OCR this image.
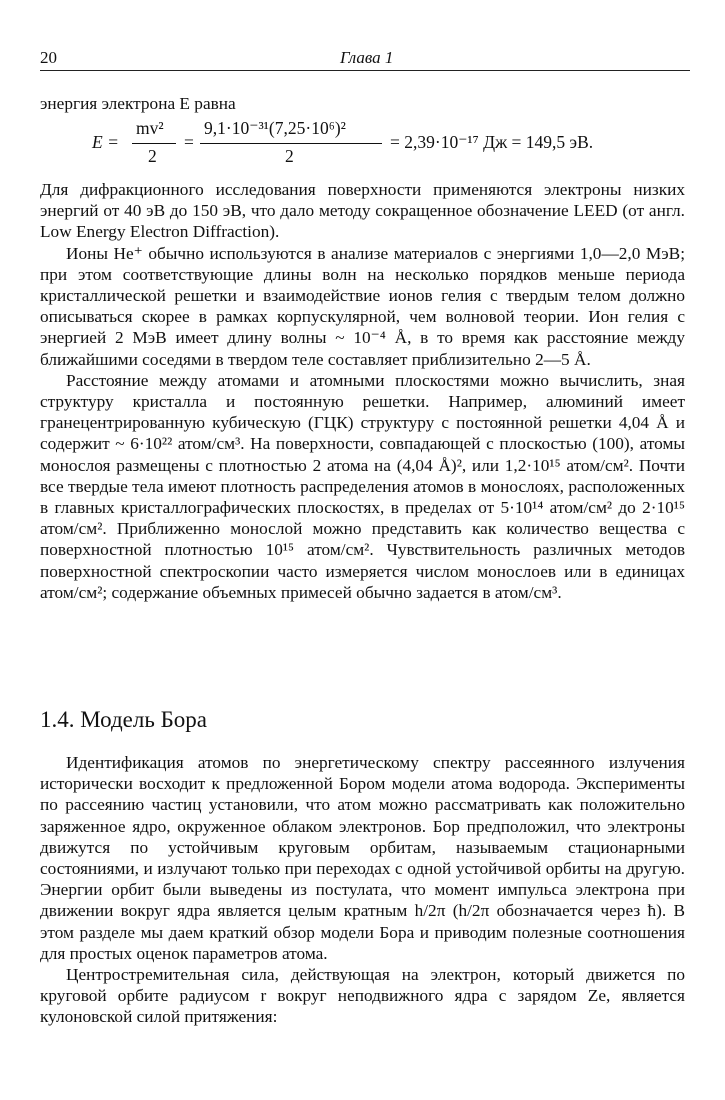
20	Глава 1

энергия электрона E равна

E =
mv²
2
=
9,1·10⁻³¹(7,25·10⁶)²
2
= 2,39·10⁻¹⁷ Дж = 149,5 эВ.

Для дифракционного исследования поверхности применяются электроны низких энергий от 40 эВ до 150 эВ, что дало методу сокращенное обозначение LEED (от англ. Low Energy Electron Diffraction).

Ионы He⁺ обычно используются в анализе материалов с энергиями 1,0—2,0 МэВ; при этом соответствующие длины волн на несколько порядков меньше периода кристаллической решетки и взаимодействие ионов гелия с твердым телом должно описываться скорее в рамках корпускулярной, чем волновой теории. Ион гелия с энергией 2 МэВ имеет длину волны ~ 10⁻⁴ Å, в то время как расстояние между ближайшими соседями в твердом теле составляет приблизительно 2—5 Å.

Расстояние между атомами и атомными плоскостями можно вычислить, зная структуру кристалла и постоянную решетки. Например, алюминий имеет гранецентрированную кубическую (ГЦК) структуру с постоянной решетки 4,04 Å и содержит ~ 6·10²² атом/см³. На поверхности, совпадающей с плоскостью (100), атомы монослоя размещены с плотностью 2 атома на (4,04 Å)², или 1,2·10¹⁵ атом/см². Почти все твердые тела имеют плотность распределения атомов в монослоях, расположенных в главных кристаллографических плоскостях, в пределах от 5·10¹⁴ атом/см² до 2·10¹⁵ атом/см². Приближенно монослой можно представить как количество вещества с поверхностной плотностью 10¹⁵ атом/см². Чувствительность различных методов поверхностной спектроскопии часто измеряется числом монослоев или в единицах атом/см²; содержание объемных примесей обычно задается в атом/см³.

1.4. Модель Бора

Идентификация атомов по энергетическому спектру рассеянного излучения исторически восходит к предложенной Бором модели атома водорода. Эксперименты по рассеянию частиц установили, что атом можно рассматривать как положительно заряженное ядро, окруженное облаком электронов. Бор предположил, что электроны движутся по устойчивым круговым орбитам, называемым стационарными состояниями, и излучают только при переходах с одной устойчивой орбиты на другую. Энергии орбит были выведены из постулата, что момент импульса электрона при движении вокруг ядра является целым кратным h/2π (h/2π обозначается через ħ). В этом разделе мы даем краткий обзор модели Бора и приводим полезные соотношения для простых оценок параметров атома.

Центростремительная сила, действующая на электрон, который движется по круговой орбите радиусом r вокруг неподвижного ядра с зарядом Ze, является кулоновской силой притяжения:
